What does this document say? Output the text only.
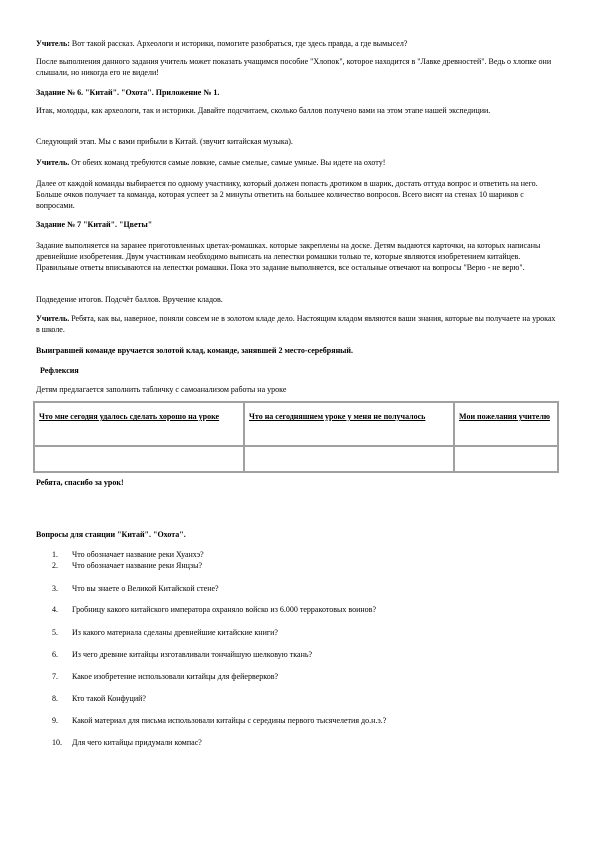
Учитель: Вот такой рассказ. Археологи и историки, помогите разобраться, где здесь правда, а где вымысел?
После выполнения данного задания учитель может показать учащимся пособие "Хлопок", которое находится в "Лавке древностей". Ведь о хлопке они слышали, но никогда его не видели!
Задание № 6. "Китай". "Охота". Приложение № 1.
Итак, молодцы, как археологи, так и историки. Давайте подсчитаем, сколько баллов получено вами на этом этапе нашей экспедиции.
Следующий этап. Мы с вами прибыли в Китай. (звучит китайская музыка).
Учитель. От обеих команд требуются самые ловкие, самые смелые, самые умные. Вы идете на охоту!
Далее от каждой команды выбирается по одному участнику, который должен попасть дротиком в шарик, достать оттуда вопрос и ответить на него. Больше очков получает та команда, которая успеет за 2 минуты ответить на большее количество вопросов. Всего висят на стенах 10 шариков с вопросами.
Задание № 7 "Китай". "Цветы"
Задание выполняется на заранее приготовленных цветах-ромашках. которые закреплены на доске. Детям выдаются карточки, на которых написаны древнейшие изобретения. Двум участникам необходимо выписать на лепестки ромашки только те, которые являются изобретением китайцев. Правильные ответы вписываются на лепестки ромашки. Пока это задание выполняется, все остальные отвечают на вопросы "Верю - не верю".
Подведение итогов. Подсчёт баллов. Вручение кладов.
Учитель. Ребята, как вы, наверное, поняли совсем не в золотом кладе дело. Настоящим кладом являются ваши знания, которые вы получаете на уроках в школе.
Выигравшей команде вручается золотой клад, команде, занявшей 2 место-серебряный.
Рефлексия
Детям предлагается заполнить табличку с самоанализом работы на уроке
Что мне сегодня удалось сделать хорошо на уроке	Что на сегодняшнем уроке у меня не получалось	Мои пожелания учителю

Ребята, спасибо за урок!
Вопросы для станции "Китай". "Охота".
1. Что обозначает название реки Хуанхэ?
2. Что обозначает название реки Янцзы?
3. Что вы знаете о Великой Китайской стене?
4. Гробницу какого китайского императора охраняло войско из 6.000 терракотовых воинов?
5. Из какого материала сделаны древнейшие китайские книги?
6. Из чего древние китайцы изготавливали тончайшую шелковую ткань?
7. Какое изобретение использовали китайцы для фейерверков?
8. Кто такой Конфуций?
9. Какой материал для письма использовали китайцы с середины первого тысячелетия до.н.э.?
10. Для чего китайцы придумали компас?
